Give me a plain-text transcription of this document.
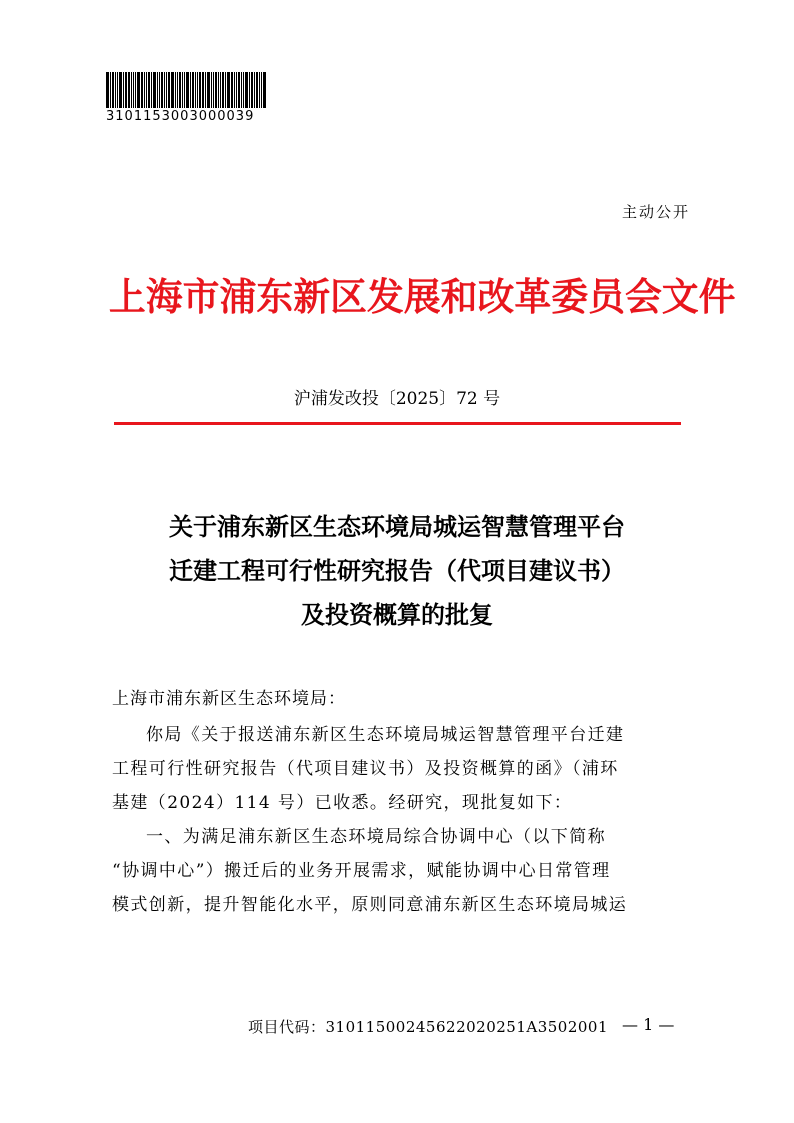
3101153003000039
主动公开
上海市浦东新区发展和改革委员会文件
沪浦发改投〔2025〕72 号
关于浦东新区生态环境局城运智慧管理平台
迁建工程可行性研究报告（代项目建议书）
及投资概算的批复
上海市浦东新区生态环境局：
你局《关于报送浦东新区生态环境局城运智慧管理平台迁建
工程可行性研究报告（代项目建议书）及投资概算的函》（浦环
基建（2024）114 号）已收悉。经研究，现批复如下：
一、为满足浦东新区生态环境局综合协调中心（以下简称
“协调中心”）搬迁后的业务开展需求，赋能协调中心日常管理
模式创新，提升智能化水平，原则同意浦东新区生态环境局城运
项目代码：31011500245622020251A3502001 — 1 —
